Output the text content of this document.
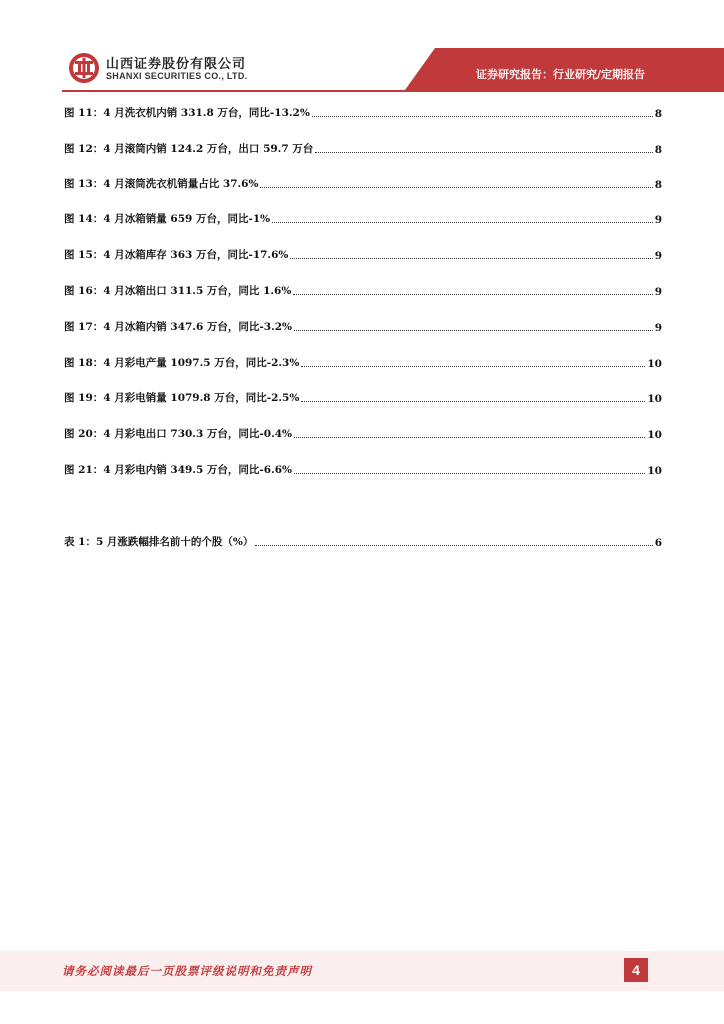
山西证券股份有限公司
SHANXI SECURITIES CO., LTD.	证券研究报告：行业研究/定期报告
图 11：4 月洗衣机内销 331.8 万台，同比-13.2%	8
图 12：4 月滚筒内销 124.2 万台，出口 59.7 万台	8
图 13：4 月滚筒洗衣机销量占比 37.6%	8
图 14：4 月冰箱销量 659 万台，同比-1%	9
图 15：4 月冰箱库存 363 万台，同比-17.6%	9
图 16：4 月冰箱出口 311.5 万台，同比 1.6%	9
图 17：4 月冰箱内销 347.6 万台，同比-3.2%	9
图 18：4 月彩电产量 1097.5 万台，同比-2.3%	10
图 19：4 月彩电销量 1079.8 万台，同比-2.5%	10
图 20：4 月彩电出口 730.3 万台，同比-0.4%	10
图 21：4 月彩电内销 349.5 万台，同比-6.6%	10
表 1：5 月涨跌幅排名前十的个股（%）	6
请务必阅读最后一页股票评级说明和免责声明	4
